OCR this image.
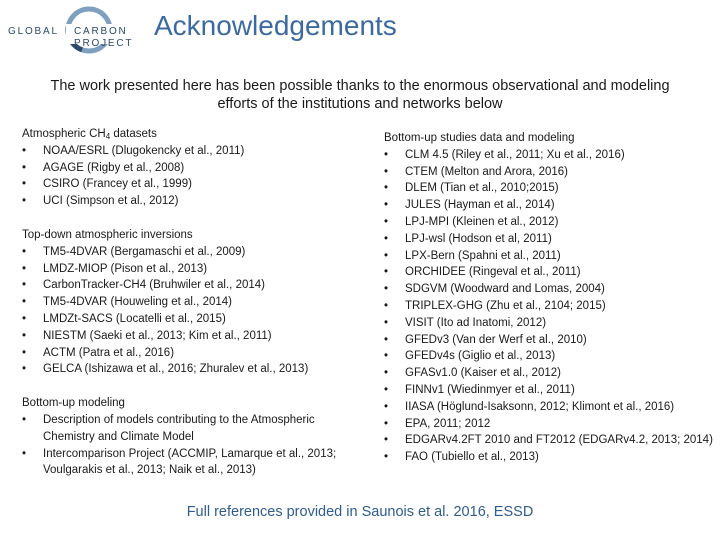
GLOBAL CARBON
PROJECT
Acknowledgements
The work presented here has been possible thanks to the enormous observational and modeling efforts of the institutions and networks below
Atmospheric $CH_4$ datasets
• NOAA/ESRL (Dlugokencky et al., 2011)
• AGAGE (Rigby et al., 2008)
• CSIRO (Francey et al., 1999)
• UCI (Simpson et al., 2012)
Top-down atmospheric inversions
• TM5-4DVAR (Bergamaschi et al., 2009)
• LMDZ-MIOP (Pison et al., 2013)
• CarbonTracker-CH4 (Bruhwiler et al., 2014)
• TM5-4DVAR (Houweling et al., 2014)
• LMDZt-SACS (Locatelli et al., 2015)
• NIESTM (Saeki et al., 2013; Kim et al., 2011)
• ACTM (Patra et al., 2016)
• GELCA (Ishizawa et al., 2016; Zhuralev et al., 2013)
Bottom-up modeling
• Description of models contributing to the Atmospheric Chemistry and Climate Model
• Intercomparison Project (ACCMIP, Lamarque et al., 2013; Voulgarakis et al., 2013; Naik et al., 2013)
Bottom-up studies data and modeling
• CLM 4.5 (Riley et al., 2011; Xu et al., 2016)
• CTEM (Melton and Arora, 2016)
• DLEM (Tian et al., 2010;2015)
• JULES (Hayman et al., 2014)
• LPJ-MPI (Kleinen et al., 2012)
• LPJ-wsl (Hodson et al, 2011)
• LPX-Bern (Spahni et al., 2011)
• ORCHIDEE (Ringeval et al., 2011)
• SDGVM (Woodward and Lomas, 2004)
• TRIPLEX-GHG (Zhu et al., 2104; 2015)
• VISIT (Ito ad Inatomi, 2012)
• GFEDv3 (Van der Werf et al., 2010)
• GFEDv4s (Giglio et al., 2013)
• GFASv1.0 (Kaiser et al., 2012)
• FINNv1 (Wiedinmyer et al., 2011)
• IIASA (Höglund-Isaksonn, 2012; Klimont et al., 2016)
• EPA, 2011; 2012
• EDGARv4.2FT 2010 and FT2012 (EDGARv4.2, 2013; 2014)
• FAO (Tubiello et al., 2013)
Full references provided in Saunois et al. 2016, ESSD
